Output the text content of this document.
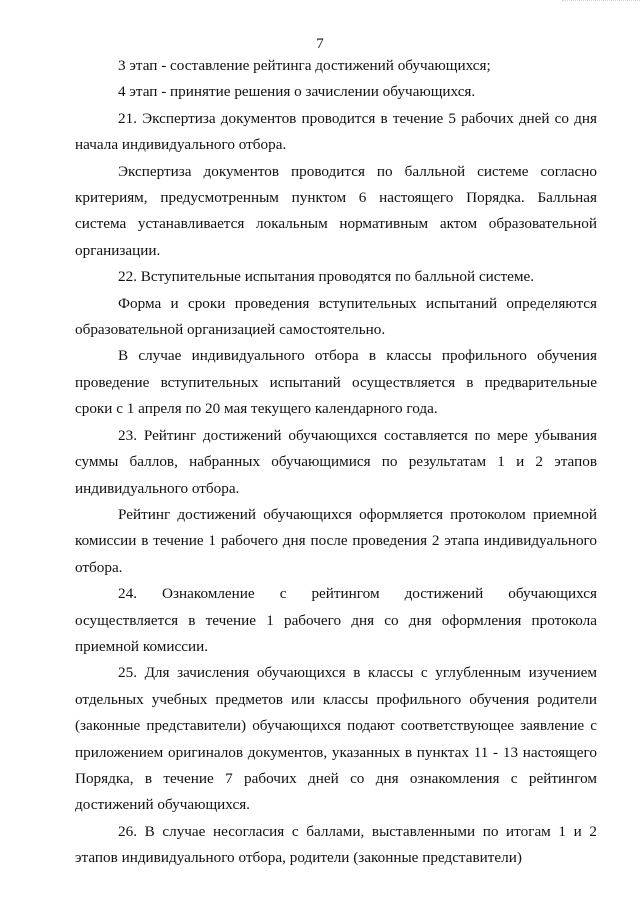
7

3 этап - составление рейтинга достижений обучающихся;

4 этап - принятие решения о зачислении обучающихся.

21. Экспертиза документов проводится в течение 5 рабочих дней со дня начала индивидуального отбора.

Экспертиза документов проводится по балльной системе согласно критериям, предусмотренным пунктом 6 настоящего Порядка. Балльная система устанавливается локальным нормативным актом образовательной организации.

22. Вступительные испытания проводятся по балльной системе.

Форма и сроки проведения вступительных испытаний определяются образовательной организацией самостоятельно.

В случае индивидуального отбора в классы профильного обучения проведение вступительных испытаний осуществляется в предварительные сроки с 1 апреля по 20 мая текущего календарного года.

23. Рейтинг достижений обучающихся составляется по мере убывания суммы баллов, набранных обучающимися по результатам 1 и 2 этапов индивидуального отбора.

Рейтинг достижений обучающихся оформляется протоколом приемной комиссии в течение 1 рабочего дня после проведения 2 этапа индивидуального отбора.

24. Ознакомление с рейтингом достижений обучающихся осуществляется в течение 1 рабочего дня со дня оформления протокола приемной комиссии.

25. Для зачисления обучающихся в классы с углубленным изучением отдельных учебных предметов или классы профильного обучения родители (законные представители) обучающихся подают соответствующее заявление с приложением оригиналов документов, указанных в пунктах 11 - 13 настоящего Порядка, в течение 7 рабочих дней со дня ознакомления с рейтингом достижений обучающихся.

26. В случае несогласия с баллами, выставленными по итогам 1 и 2 этапов индивидуального отбора, родители (законные представители)
